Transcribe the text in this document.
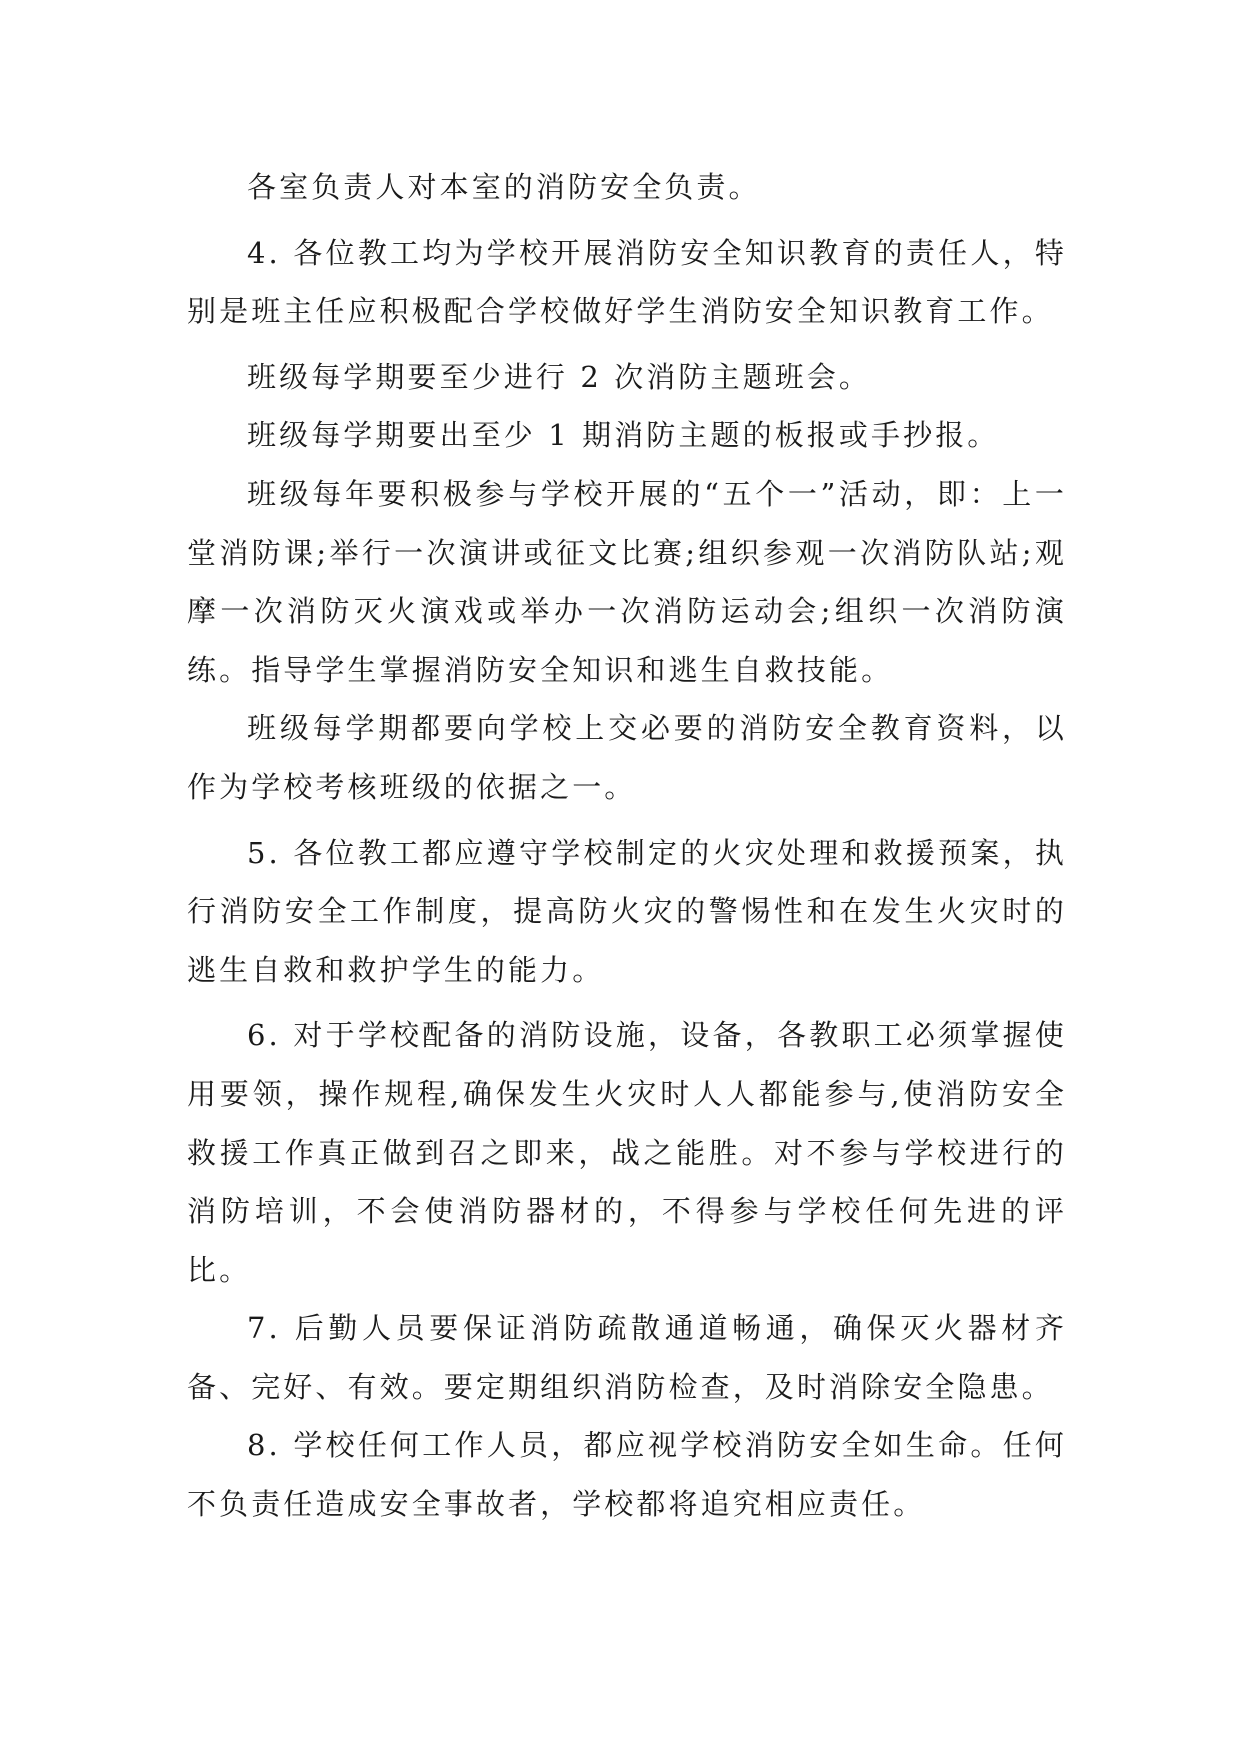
各室负责人对本室的消防安全负责。

4. 各位教工均为学校开展消防安全知识教育的责任人，特别是班主任应积极配合学校做好学生消防安全知识教育工作。

班级每学期要至少进行 2 次消防主题班会。

班级每学期要出至少 1 期消防主题的板报或手抄报。

班级每年要积极参与学校开展的“五个一”活动，即：上一堂消防课;举行一次演讲或征文比赛;组织参观一次消防队站;观摩一次消防灭火演戏或举办一次消防运动会;组织一次消防演练。指导学生掌握消防安全知识和逃生自救技能。

班级每学期都要向学校上交必要的消防安全教育资料，以作为学校考核班级的依据之一。

5. 各位教工都应遵守学校制定的火灾处理和救援预案，执行消防安全工作制度，提高防火灾的警惕性和在发生火灾时的逃生自救和救护学生的能力。

6. 对于学校配备的消防设施，设备，各教职工必须掌握使用要领，操作规程,确保发生火灾时人人都能参与,使消防安全救援工作真正做到召之即来，战之能胜。对不参与学校进行的消防培训，不会使消防器材的，不得参与学校任何先进的评比。

7. 后勤人员要保证消防疏散通道畅通，确保灭火器材齐备、完好、有效。要定期组织消防检查，及时消除安全隐患。

8. 学校任何工作人员，都应视学校消防安全如生命。任何不负责任造成安全事故者，学校都将追究相应责任。
